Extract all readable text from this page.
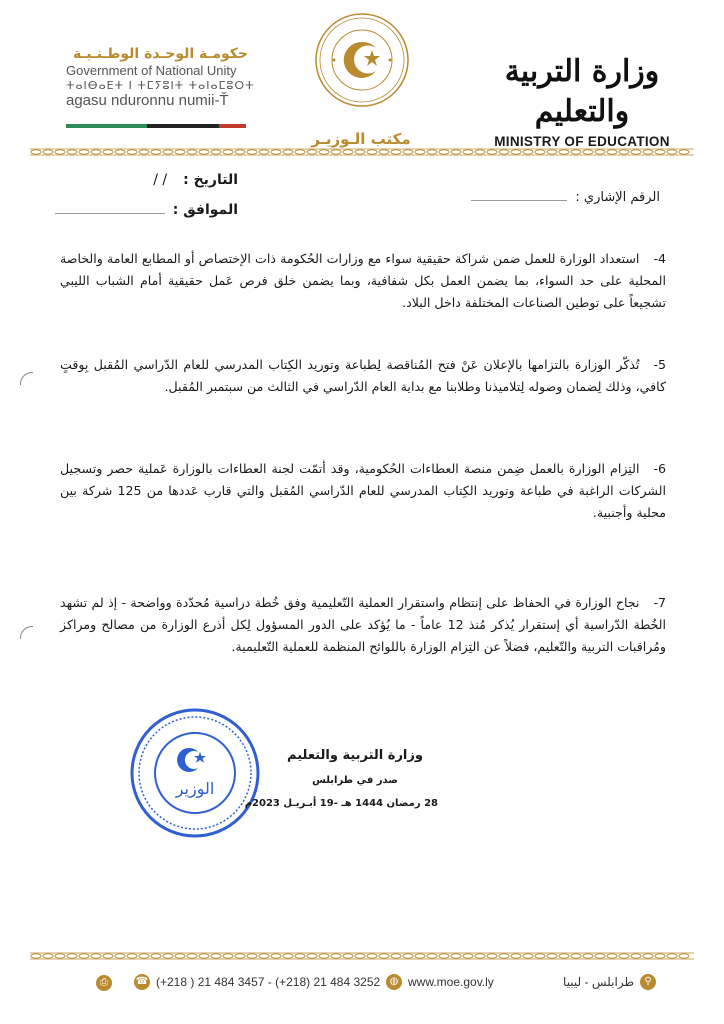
حكومـة الوحـدة الوطـنـيـة
Government of National Unity
ⵜⴰⵏⴱⴰⴹⵜ ⵏ ⵜⵎⵢⵓⵏⵜ ⵜⴰⵏⴰⵎⵓⵔⵜ
agasu nduronnu numii-Ť
مكتب الـوزيـر
وزارة التربية والتعليم
MINISTRY OF EDUCATION
التاريخ :
/ /
الموافق :
الرقم الإشاري :
4-استعداد الوزارة للعمل ضمن شراكة حقيقية سواء مع وزارات الحُكومة ذات الإختصاص أو المطابع العامة والخاصة المحلية على حد السواء، بما يضمن العمل بكل شفافية، وبما يضمن خلق فرص عَمل حقيقية أمام الشباب الليبي تشجيعاً على توطين الصناعات المختلفة داخل البلاد.
5-تُذكّر الوزارة بالتزامها بالإعلان عَنْ فتح المُناقصة لِطباعة وتوريد الكِتاب المدرسي للعام الدّراسي المُقبل بِوقتٍ كافي، وذلك لِضمان وصوله لِتلاميذنا وطلابنا مع بداية العام الدّراسي في الثالث من سبتمبر المُقبل.
6-التِزام الوزارة بالعمل ضِمن منصة العطاءات الحُكومية، وقد أتمّت لجنة العطاءات بالوزارة عَملية حصر وتسجيل الشركات الراغبة في طباعة وتوريد الكِتاب المدرسي للعام الدّراسي المُقبل والتي قارب عَددها من 125 شركة بين محلية وأجنبية.
7-نجاح الوزارة في الحفاظ على إنتظام واستقرار العملية التّعليمية وفق خُطة دراسية مُحدّدة وواضحة - إذ لم تشهد الخُطة الدّراسية أي إستقرار يُذكر مُنذ 12 عاماً - ما يُؤكد على الدور المسؤول لِكل أذرع الوزارة من مصالح ومراكز ومُراقبات التربية والتّعليم، فضلاً عن التِزام الوزارة باللوائح المنظمة للعملية التّعليمية.
الوزير
وزارة التربية والتعليم
صدر في طرابلس
28 رمضان 1444 هـ -19 أبـريـل 2023م
⎙	☎ (+218 ) 21 484 3457 - (+218) 21 484 3252 ◍ www.moe.gov.ly	⚲
طرابلس - ليبيا
